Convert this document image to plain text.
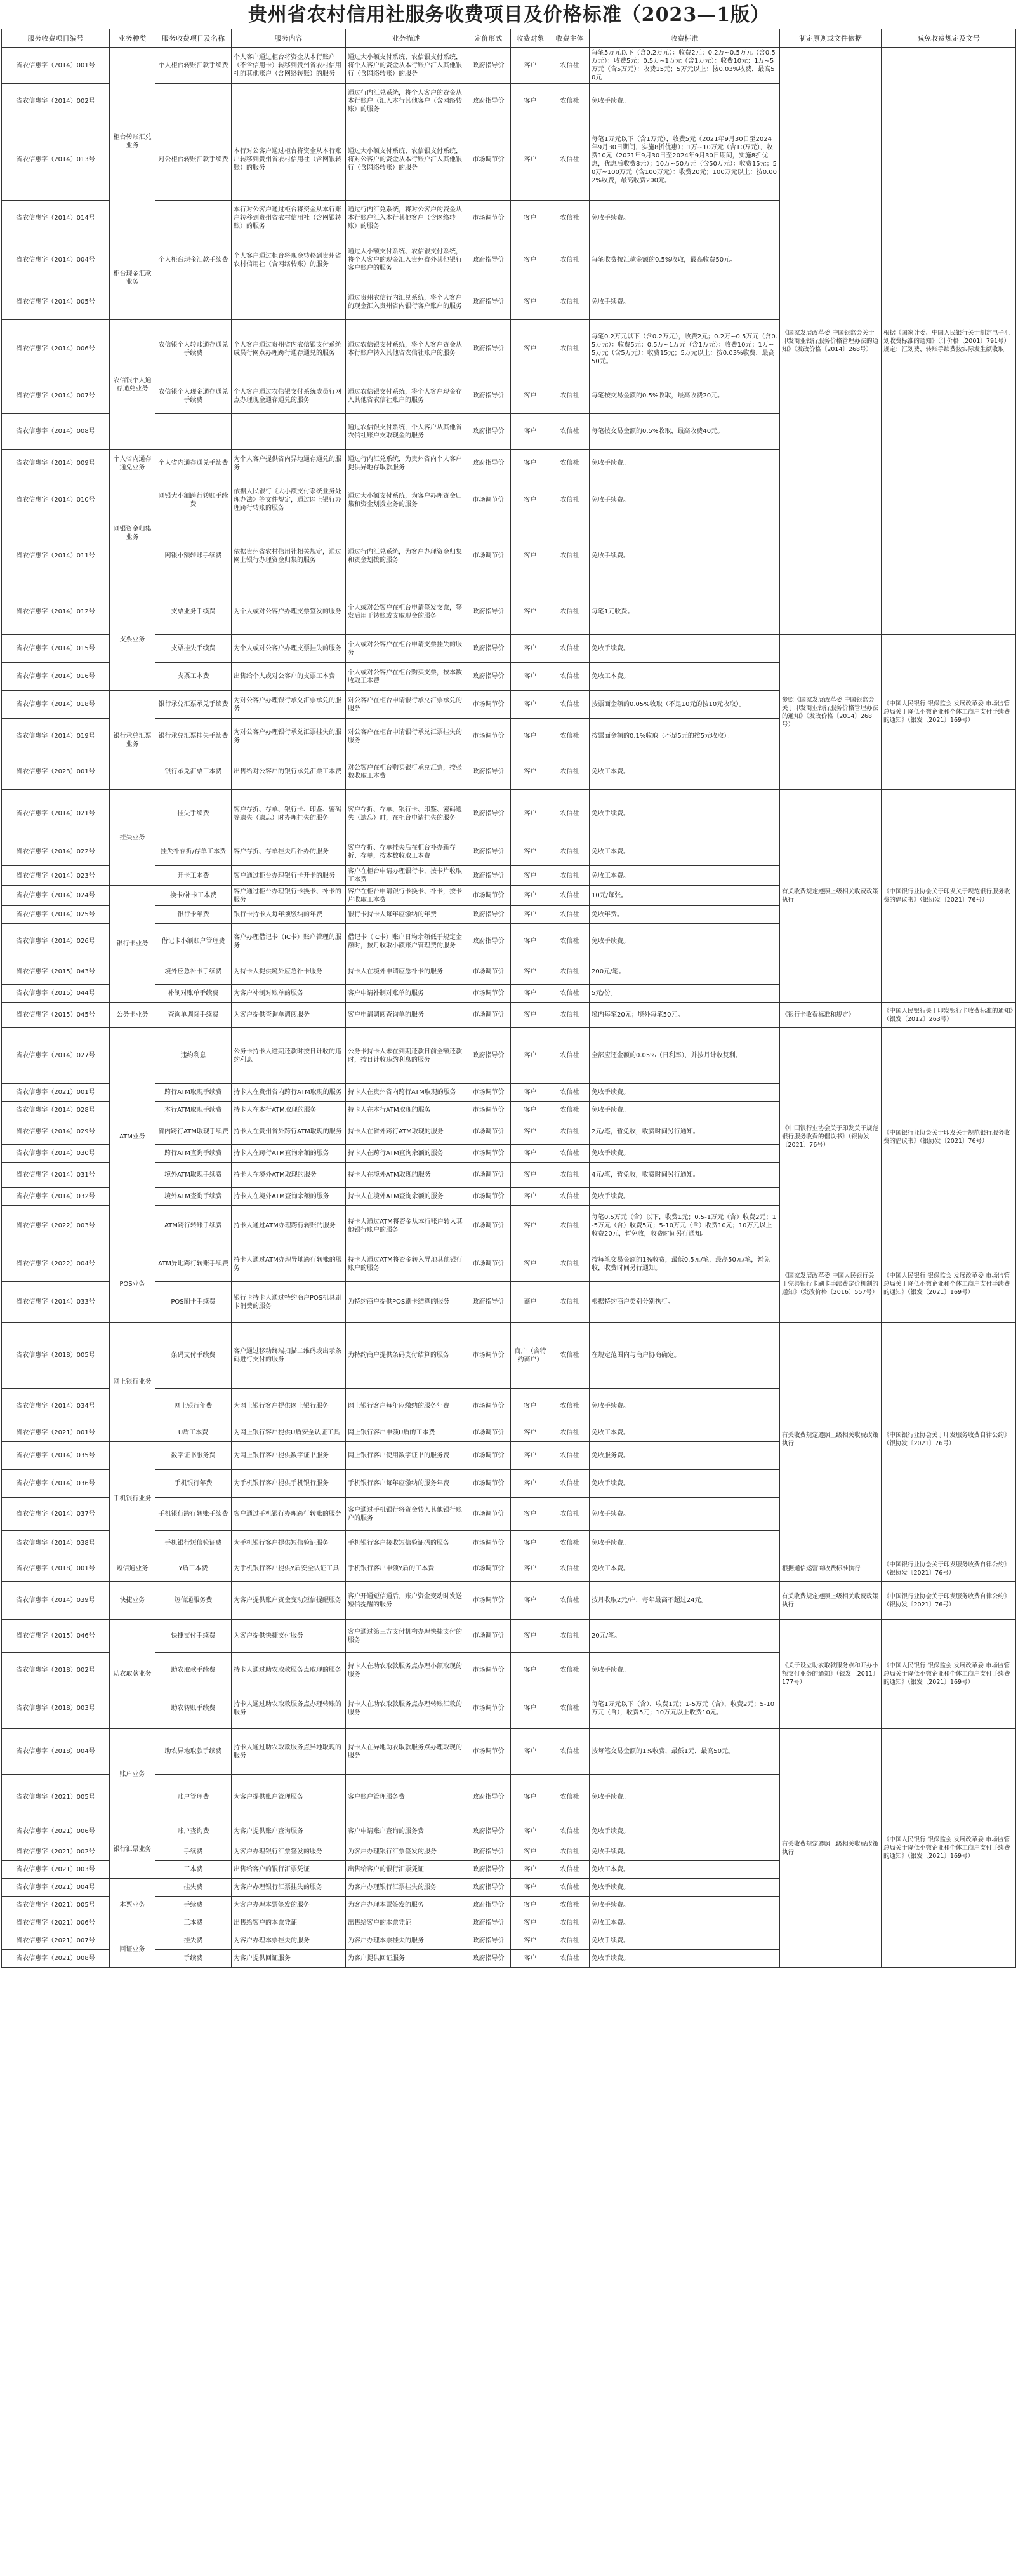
贵州省农村信用社服务收费项目及价格标准（2023—1版）
服务收费项目编号	业务种类	服务收费项目及名称	服务内容	业务描述	定价形式	收费对象	收费主体	收费标准	制定原则或文件依据	减免收费规定及文号
省农信惠字（2014）001号	柜台转账汇兑业务	个人柜台转账汇款手续费	个人客户通过柜台将资金从本行账户（不含信用卡）转移到贵州省农村信用社的其他账户（含网络转账）的服务	通过大小额支付系统、农信银支付系统，将个人客户的资金从本行账户汇入其他银行（含网络转账）的服务	政府指导价	客户	农信社	每笔5万元以下（含0.2万元）：收费2元；0.2万~0.5万元（含0.5万元）：收费5元；0.5万~1万元（含1万元）：收费10元；1万~5万元（含5万元）：收费15元；5万元以上：按0.03%收费，最高50元	《国家发展改革委 中国银监会关于印发商业银行服务价格管理办法的通知》（发改价格〔2014〕268号）	根据《国家计委、中国人民银行关于制定电子汇划收费标准的通知》（计价格〔2001〕791号）规定：汇划费、转账手续费按实际发生额收取
省农信惠字（2014）002号				通过行内汇兑系统，将个人客户的资金从本行账户（汇入本行其他客户（含网络转账）的服务	政府指导价	客户	农信社	免收手续费。		
省农信惠字（2014）013号		对公柜台转账汇款手续费	本行对公客户通过柜台将资金从本行账户转移到贵州省农村信用社（含网银转账）的服务	通过大小额支付系统、农信银支付系统，将对公客户的资金从本行账户汇入其他银行（含网络转账）的服务	市场调节价	客户	农信社	每笔1万元以下（含1万元），收费5元（2021年9月30日至2024年9月30日期间，实施8折优惠）；1万~10万元（含10万元），收费10元（2021年9月30日至2024年9月30日期间，实施8折优惠，优惠后收费8元）；10万~50万元（含50万元）：收费15元；50万~100万元（含100万元）：收费20元；100万元以上：按0.002%收费，最高收费200元。		
省农信惠字（2014）014号			本行对公客户通过柜台将资金从本行账户转移到贵州省农村信用社（含网银转账）的服务	通过行内汇兑系统，将对公客户的资金从本行账户汇入本行其他客户（含网络转账）的服务	市场调节价	客户	农信社	免收手续费。		
省农信惠字（2014）004号	柜台现金汇款业务	个人柜台现金汇款手续费	个人客户通过柜台将现金转移到贵州省农村信用社（含网络转账）的服务	通过大小额支付系统、农信银支付系统，将个人客户的现金汇入贵州省外其他银行客户账户的服务	政府指导价	客户	农信社	每笔收费按汇款金额的0.5%收取，最高收费50元。		
省农信惠字（2014）005号				通过贵州农信行内汇兑系统，将个人客户的现金汇入贵州省内银行客户账户的服务	政府指导价	客户	农信社	免收手续费。		
省农信惠字（2014）006号	农信银个人通存通兑业务	农信银个人转账通存通兑手续费	个人客户通过贵州省内农信银支付系统成员行网点办理跨行通存通兑的服务	通过农信银支付系统，将个人客户资金从本行账户转入其他省农信社账户的服务	政府指导价	客户	农信社	每笔0.2万元以下（含0.2万元），收费2元；0.2万~0.5万元（含0.5万元）：收费5元；0.5万~1万元（含1万元）：收费10元；1万~5万元（含5万元）：收费15元；5万元以上：按0.03%收费，最高50元。		
省农信惠字（2014）007号		农信银个人现金通存通兑手续费	个人客户通过农信银支付系统成员行网点办理现金通存通兑的服务	通过农信银支付系统，将个人客户现金存入其他省农信社账户的服务	政府指导价	客户	农信社	每笔按交易金额的0.5%收取，最高收费20元。		
省农信惠字（2014）008号				通过农信银支付系统，个人客户从其他省农信社账户支取现金的服务	政府指导价	客户	农信社	每笔按交易金额的0.5%收取，最高收费40元。		
省农信惠字（2014）009号	个人省内通存通兑业务	个人省内通存通兑手续费	为个人客户提供省内异地通存通兑的服务	通过行内汇兑系统，为贵州省内个人客户提供异地存取款服务	政府指导价	客户	农信社	免收手续费。		
省农信惠字（2014）010号	网银资金归集业务	网银大小额跨行转账手续费	依据人民银行《大小额支付系统业务处理办法》等文件规定，通过网上银行办理跨行转账的服务	通过大小额支付系统，为客户办理资金归集和资金划拨业务的服务	市场调节价	客户	农信社	免收手续费。		
省农信惠字（2014）011号		网银小额转账手续费	依据贵州省农村信用社相关规定，通过网上银行办理资金归集的服务	通过行内汇兑系统，为客户办理资金归集和资金划拨的服务	市场调节价	客户	农信社	免收手续费。		
省农信惠字（2014）012号	支票业务	支票业务手续费	为个人或对公客户办理支票签发的服务	个人或对公客户在柜台申请签发支票，签发后用于转账或支取现金的服务	政府指导价	客户	农信社	每笔1元收费。		
省农信惠字（2014）015号		支票挂失手续费	为个人或对公客户办理支票挂失的服务	个人或对公客户在柜台申请支票挂失的服务	政府指导价	客户	农信社	免收手续费。	参照《国家发展改革委 中国银监会关于印发商业银行服务价格管理办法的通知》（发改价格〔2014〕268号）	《中国人民银行 银保监会 发展改革委 市场监管总局关于降低小微企业和个体工商户支付手续费的通知》（银发〔2021〕169号）
省农信惠字（2014）016号		支票工本费	出售给个人或对公客户的支票工本费	个人或对公客户在柜台购买支票，按本数收取工本费	政府指导价	客户	农信社	免收工本费。		
省农信惠字（2014）018号	银行承兑汇票业务	银行承兑汇票承兑手续费	为对公客户办理银行承兑汇票承兑的服务	对公客户在柜台申请银行承兑汇票承兑的服务	市场调节价	客户	农信社	按票面金额的0.05%收取（不足10元的按10元收取）。		
省农信惠字（2014）019号		银行承兑汇票挂失手续费	为对公客户办理银行承兑汇票挂失的服务	对公客户在柜台申请银行承兑汇票挂失的服务	市场调节价	客户	农信社	按票面金额的0.1%收取（不足5元的按5元收取）。		
省农信惠字（2023）001号		银行承兑汇票工本费	出售给对公客户的银行承兑汇票工本费	对公客户在柜台购买银行承兑汇票，按张数收取工本费	政府指导价	客户	农信社	免收工本费。		
省农信惠字（2014）021号	挂失业务	挂失手续费	客户存折、存单、银行卡、印鉴、密码等遗失（遗忘）时办理挂失的服务	客户存折、存单、银行卡、印鉴、密码遗失（遗忘）时，在柜台申请挂失的服务	政府指导价	客户	农信社	免收手续费。	有关收费规定遵照上级相关收费政策执行	《中国银行业协会关于印发关于规范银行服务收费的倡议书》（银协发〔2021〕76号）
省农信惠字（2014）022号		挂失补存折/存单工本费	客户存折、存单挂失后补办的服务	客户存折、存单挂失后在柜台补办新存折、存单，按本数收取工本费	政府指导价	客户	农信社	免收工本费。		
省农信惠字（2014）023号		开卡工本费	客户通过柜台办理银行卡开卡的服务	客户在柜台申请办理银行卡，按卡片收取工本费	政府指导价	客户	农信社	免收工本费。		
省农信惠字（2014）024号	银行卡业务	换卡/补卡工本费	客户通过柜台办理银行卡换卡、补卡的服务	客户在柜台申请银行卡换卡、补卡，按卡片收取工本费	市场调节价	客户	农信社	10元/每张。		
省农信惠字（2014）025号		银行卡年费	银行卡持卡人每年须缴纳的年费	银行卡持卡人每年应缴纳的年费	政府指导价	客户	农信社	免收年费。		
省农信惠字（2014）026号		借记卡小额账户管理费	客户办理借记卡（IC卡）账户管理的服务	借记卡（IC卡）账户日均余额低于规定金额时，按月收取小额账户管理费的服务	政府指导价	客户	农信社	免收手续费。		
省农信惠字（2015）043号		境外应急补卡手续费	为持卡人提供境外应急补卡服务	持卡人在境外申请应急补卡的服务	市场调节价	客户	农信社	200元/笔。		
省农信惠字（2015）044号		补制对账单手续费	为客户补制对账单的服务	客户申请补制对账单的服务	市场调节价	客户	农信社	5元/份。		
省农信惠字（2015）045号	公务卡业务	查询单调阅手续费	为客户提供查询单调阅服务	客户申请调阅查询单的服务	市场调节价	客户	农信社	境内每笔20元；境外每笔50元。	《银行卡收费标准和规定》	《中国人民银行关于印发银行卡收费标准的通知》（银发〔2012〕263号）
省农信惠字（2014）027号	ATM业务	违约利息	公务卡持卡人逾期还款时按日计收的违约利息	公务卡持卡人未在到期还款日前全额还款时，按日计收违约利息的服务	政府指导价	客户	农信社	全部应还金额的0.05%（日利率），并按月计收复利。	《中国银行业协会关于印发关于规范银行服务收费的倡议书》（银协发〔2021〕76号）	《中国银行业协会关于印发关于规范银行服务收费的倡议书》（银协发〔2021〕76号）
省农信惠字（2021）001号		跨行ATM取现手续费	持卡人在贵州省内跨行ATM取现的服务	持卡人在贵州省内跨行ATM取现的服务	市场调节价	客户	农信社	免收手续费。		
省农信惠字（2014）028号		本行ATM取现手续费	持卡人在本行ATM取现的服务	持卡人在本行ATM取现的服务	市场调节价	客户	农信社	免收手续费。		
省农信惠字（2014）029号		省内跨行ATM取现手续费	持卡人在贵州省外跨行ATM取现的服务	持卡人在省外跨行ATM取现的服务	市场调节价	客户	农信社	2元/笔，暂免收，收费时间另行通知。		
省农信惠字（2014）030号		跨行ATM查询手续费	持卡人在跨行ATM查询余额的服务	持卡人在跨行ATM查询余额的服务	市场调节价	客户	农信社	免收手续费。		
省农信惠字（2014）031号		境外ATM取现手续费	持卡人在境外ATM取现的服务	持卡人在境外ATM取现的服务	市场调节价	客户	农信社	4元/笔，暂免收，收费时间另行通知。		
省农信惠字（2014）032号		境外ATM查询手续费	持卡人在境外ATM查询余额的服务	持卡人在境外ATM查询余额的服务	市场调节价	客户	农信社	免收手续费。		
省农信惠字（2022）003号		ATM跨行转账手续费	持卡人通过ATM办理跨行转账的服务	持卡人通过ATM将资金从本行账户转入其他银行账户的服务	市场调节价	客户	农信社	每笔0.5万元（含）以下，收费1元；0.5-1万元（含）收费2元；1-5万元（含）收费5元；5-10万元（含）收费10元；10万元以上收费20元，暂免收，收费时间另行通知。		
省农信惠字（2022）004号	POS业务	ATM异地跨行转账手续费	持卡人通过ATM办理异地跨行转账的服务	持卡人通过ATM将资金转入异地其他银行账户的服务	市场调节价	客户	农信社	按每笔交易金额的1%收费，最低0.5元/笔，最高50元/笔，暂免收，收费时间另行通知。	《国家发展改革委 中国人民银行关于完善银行卡刷卡手续费定价机制的通知》（发改价格〔2016〕557号）	《中国人民银行 银保监会 发展改革委 市场监管总局关于降低小微企业和个体工商户支付手续费的通知》（银发〔2021〕169号）
省农信惠字（2014）033号		POS刷卡手续费	银行卡持卡人通过特约商户POS机具刷卡消费的服务	为特约商户提供POS刷卡结算的服务	政府指导价	商户	农信社	根据特约商户类别分别执行。		
省农信惠字（2018）005号	网上银行业务	条码支付手续费	客户通过移动终端扫描二维码或出示条码进行支付的服务	为特约商户提供条码支付结算的服务	市场调节价	商户（含特约商户）	农信社	在规定范围内与商户协商确定。	有关收费规定遵照上级相关收费政策执行	《中国银行业协会关于印发服务收费自律公约》（银协发〔2021〕76号）
省农信惠字（2014）034号		网上银行年费	为网上银行客户提供网上银行服务	网上银行客户每年应缴纳的服务年费	市场调节价	客户	农信社	免收手续费。		
省农信惠字（2021）001号		U盾工本费	为网上银行客户提供U盾安全认证工具	网上银行客户申领U盾的工本费	市场调节价	客户	农信社	免收工本费。		
省农信惠字（2014）035号	手机银行业务	数字证书服务费	为网上银行客户提供数字证书服务	网上银行客户使用数字证书的服务费	市场调节价	客户	农信社	免收服务费。		
省农信惠字（2014）036号		手机银行年费	为手机银行客户提供手机银行服务	手机银行客户每年应缴纳的服务年费	市场调节价	客户	农信社	免收手续费。		
省农信惠字（2014）037号		手机银行跨行转账手续费	客户通过手机银行办理跨行转账的服务	客户通过手机银行将资金转入其他银行账户的服务	市场调节价	客户	农信社	免收手续费。		
省农信惠字（2014）038号		手机银行短信验证费	为手机银行客户提供短信验证服务	手机银行客户接收短信验证码的服务	市场调节价	客户	农信社	免收手续费。		
省农信惠字（2018）001号	短信通业务	Y盾工本费	为手机银行客户提供Y盾安全认证工具	手机银行客户申领Y盾的工本费	市场调节价	客户	农信社	免收工本费。	根据通信运营商收费标准执行	《中国银行业协会关于印发服务收费自律公约》（银协发〔2021〕76号）
省农信惠字（2014）039号	快捷业务	短信通服务费	为客户提供账户资金变动短信提醒服务	客户开通短信通后，账户资金变动时发送短信提醒的服务	市场调节价	客户	农信社	按月收取2元/户，每年最高不超过24元。	有关收费规定遵照上级相关收费政策执行	《中国银行业协会关于印发服务收费自律公约》（银协发〔2021〕76号）
省农信惠字（2015）046号	助农取款业务	快捷支付手续费	为客户提供快捷支付服务	客户通过第三方支付机构办理快捷支付的服务	市场调节价	客户	农信社	20元/笔。	《关于设立助农取款服务点和开办小额支付业务的通知》（银发〔2011〕177号）	《中国人民银行 银保监会 发展改革委 市场监管总局关于降低小微企业和个体工商户支付手续费的通知》（银发〔2021〕169号）
省农信惠字（2018）002号		助农取款手续费	持卡人通过助农取款服务点取现的服务	持卡人在助农取款服务点办理小额取现的服务	市场调节价	客户	农信社	免收手续费。		
省农信惠字（2018）003号		助农转账手续费	持卡人通过助农取款服务点办理转账的服务	持卡人在助农取款服务点办理转账汇款的服务	市场调节价	客户	农信社	每笔1万元以下（含），收费1元；1-5万元（含），收费2元；5-10万元（含），收费5元；10万元以上收费10元。		
省农信惠字（2018）004号	账户业务	助农异地取款手续费	持卡人通过助农取款服务点异地取现的服务	持卡人在异地助农取款服务点办理取现的服务	市场调节价	客户	农信社	按每笔交易金额的1%收费，最低1元，最高50元。	有关收费规定遵照上级相关收费政策执行	《中国人民银行 银保监会 发展改革委 市场监管总局关于降低小微企业和个体工商户支付手续费的通知》（银发〔2021〕169号）
省农信惠字（2021）005号		账户管理费	为客户提供账户管理服务	客户账户管理服务费	政府指导价	客户	农信社	免收手续费。		
省农信惠字（2021）006号	银行汇票业务	账户查询费	为客户提供账户查询服务	客户申请账户查询的服务费	政府指导价	客户	农信社	免收手续费。		
省农信惠字（2021）002号		手续费	为客户办理银行汇票签发的服务	为客户办理银行汇票签发的服务	政府指导价	客户	农信社	免收手续费。		
省农信惠字（2021）003号		工本费	出售给客户的银行汇票凭证	出售给客户的银行汇票凭证	政府指导价	客户	农信社	免收工本费。		
省农信惠字（2021）004号	本票业务	挂失费	为客户办理银行汇票挂失的服务	为客户办理银行汇票挂失的服务	政府指导价	客户	农信社	免收手续费。		
省农信惠字（2021）005号		手续费	为客户办理本票签发的服务	为客户办理本票签发的服务	政府指导价	客户	农信社	免收手续费。		
省农信惠字（2021）006号		工本费	出售给客户的本票凭证	出售给客户的本票凭证	政府指导价	客户	农信社	免收工本费。		
省农信惠字（2021）007号	回证业务	挂失费	为客户办理本票挂失的服务	为客户办理本票挂失的服务	政府指导价	客户	农信社	免收手续费。		
省农信惠字（2021）008号		手续费	为客户提供回证服务	为客户提供回证服务	政府指导价	客户	农信社	免收手续费。		
